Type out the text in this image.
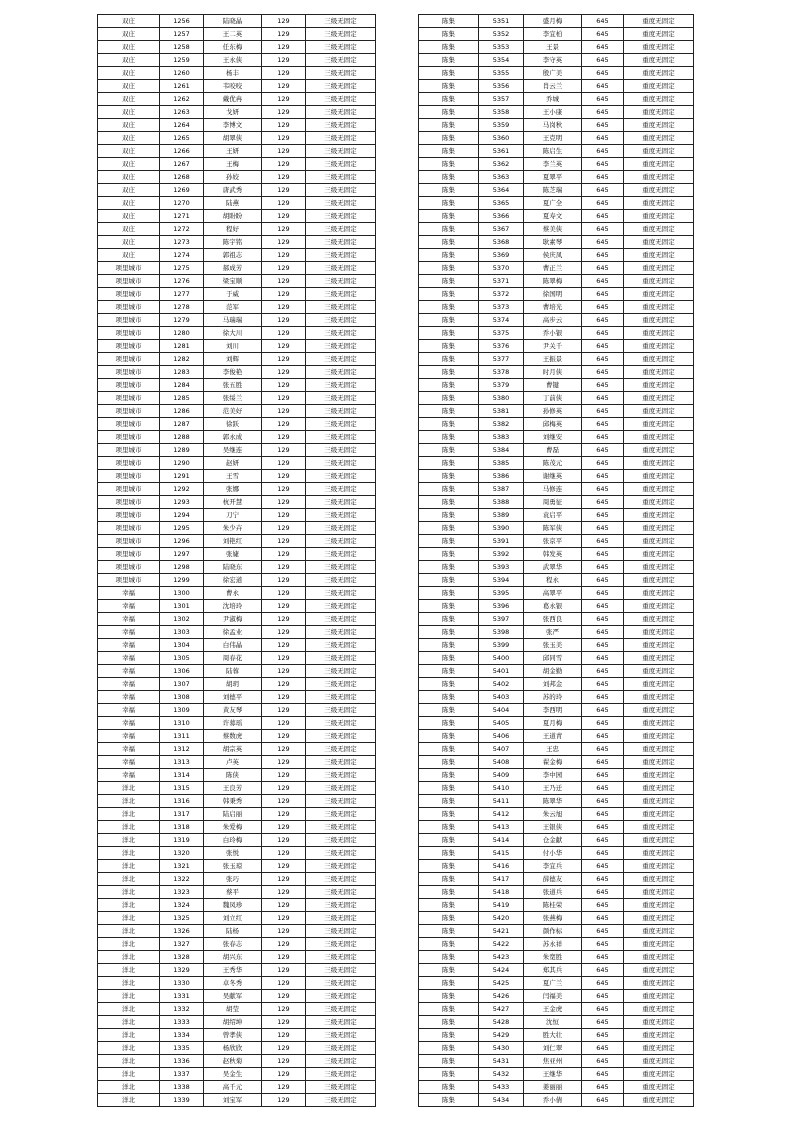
双庄	1256	陆晓晶	129	三级无固定
双庄	1257	王二英	129	三级无固定
双庄	1258	任东梅	129	三级无固定
双庄	1259	王永侠	129	三级无固定
双庄	1260	杨丰	129	三级无固定
双庄	1261	韦咬咬	129	三级无固定
双庄	1262	戴优冉	129	三级无固定
双庄	1263	戈妍	129	三级无固定
双庄	1264	李博文	129	三级无固定
双庄	1265	胡翠侠	129	三级无固定
双庄	1266	王妍	129	三级无固定
双庄	1267	王梅	129	三级无固定
双庄	1268	孙姣	129	三级无固定
双庄	1269	唐武秀	129	三级无固定
双庄	1270	陆燕	129	三级无固定
双庄	1271	胡盼盼	129	三级无固定
双庄	1272	程好	129	三级无固定
双庄	1273	陈宇铭	129	三级无固定
双庄	1274	郭祖志	129	三级无固定
项里城市	1275	郝成芳	129	三级无固定
项里城市	1276	梁宝顺	129	三级无固定
项里城市	1277	于威	129	三级无固定
项里城市	1278	范军	129	三级无固定
项里城市	1279	马瑞瑞	129	三级无固定
项里城市	1280	徐大川	129	三级无固定
项里城市	1281	刘川	129	三级无固定
项里城市	1282	刘辉	129	三级无固定
项里城市	1283	李俊艳	129	三级无固定
项里城市	1284	张五胜	129	三级无固定
项里城市	1285	张绥兰	129	三级无固定
项里城市	1286	范美好	129	三级无固定
项里城市	1287	徐跃	129	三级无固定
项里城市	1288	郭永成	129	三级无固定
项里城市	1289	吴继连	129	三级无固定
项里城市	1290	赵妍	129	三级无固定
项里城市	1291	王雪	129	三级无固定
项里城市	1292	张娜	129	三级无固定
项里城市	1293	杭开慧	129	三级无固定
项里城市	1294	刀宁	129	三级无固定
项里城市	1295	朱少卉	129	三级无固定
项里城市	1296	刘艳红	129	三级无固定
项里城市	1297	张婕	129	三级无固定
项里城市	1298	陆晓东	129	三级无固定
项里城市	1299	徐宏道	129	三级无固定
幸福	1300	曹永	129	三级无固定
幸福	1301	沈培玲	129	三级无固定
幸福	1302	尹淑梅	129	三级无固定
幸福	1303	徐孟业	129	三级无固定
幸福	1304	白伟晶	129	三级无固定
幸福	1305	周春花	129	三级无固定
幸福	1306	陆蓉	129	三级无固定
幸福	1307	胡玥	129	三级无固定
幸福	1308	刘德平	129	三级无固定
幸福	1309	黄友琴	129	三级无固定
幸福	1310	许募瑶	129	三级无固定
幸福	1311	蔡数虎	129	三级无固定
幸福	1312	胡宗英	129	三级无固定
幸福	1313	卢英	129	三级无固定
幸福	1314	陈侠	129	三级无固定
洋北	1315	王良芳	129	三级无固定
洋北	1316	韩秉秀	129	三级无固定
洋北	1317	陆启丽	129	三级无固定
洋北	1318	朱爱梅	129	三级无固定
洋北	1319	白玲梅	129	三级无固定
洋北	1320	张悦	129	三级无固定
洋北	1321	张玉琼	129	三级无固定
洋北	1322	张巧	129	三级无固定
洋北	1323	蔡平	129	三级无固定
洋北	1324	魏凤珍	129	三级无固定
洋北	1325	刘立红	129	三级无固定
洋北	1326	陆杨	129	三级无固定
洋北	1327	张春志	129	三级无固定
洋北	1328	胡兴东	129	三级无固定
洋北	1329	王秀华	129	三级无固定
洋北	1330	卓冬秀	129	三级无固定
洋北	1331	吴献军	129	三级无固定
洋北	1332	胡莹	129	三级无固定
洋北	1333	胡绍坤	129	三级无固定
洋北	1334	曾孝侠	129	三级无固定
洋北	1335	杨欣欣	129	三级无固定
洋北	1336	赵秋菊	129	三级无固定
洋北	1337	吴金生	129	三级无固定
洋北	1338	高千元	129	三级无固定
洋北	1339	刘宝军	129	三级无固定
陈集	5351	盛月梅	645	重度无固定
陈集	5352	李宜柏	645	重度无固定
陈集	5353	王景	645	重度无固定
陈集	5354	李守英	645	重度无固定
陈集	5355	殷广美	645	重度无固定
陈集	5356	肖云兰	645	重度无固定
陈集	5357	乔城	645	重度无固定
陈集	5358	王小康	645	重度无固定
陈集	5359	马岗秋	645	重度无固定
陈集	5360	王克明	645	重度无固定
陈集	5361	陈启生	645	重度无固定
陈集	5362	李兰英	645	重度无固定
陈集	5363	夏翠平	645	重度无固定
陈集	5364	陈芝瑞	645	重度无固定
陈集	5365	夏广全	645	重度无固定
陈集	5366	夏寿文	645	重度无固定
陈集	5367	蔡美侠	645	重度无固定
陈集	5368	耿素琴	645	重度无固定
陈集	5369	侯庆凤	645	重度无固定
陈集	5370	曹正兰	645	重度无固定
陈集	5371	陈翠梅	645	重度无固定
陈集	5372	徐国明	645	重度无固定
陈集	5373	曹培光	645	重度无固定
陈集	5374	高步云	645	重度无固定
陈集	5375	乔小银	645	重度无固定
陈集	5376	尹关千	645	重度无固定
陈集	5377	王振景	645	重度无固定
陈集	5378	时月侠	645	重度无固定
陈集	5379	曹键	645	重度无固定
陈集	5380	丁前侠	645	重度无固定
陈集	5381	孙修英	645	重度无固定
陈集	5382	邱梅英	645	重度无固定
陈集	5383	刘继安	645	重度无固定
陈集	5384	曹磊	645	重度无固定
陈集	5385	陈茂元	645	重度无固定
陈集	5386	谢继英	645	重度无固定
陈集	5387	马修连	645	重度无固定
陈集	5388	周勇征	645	重度无固定
陈集	5389	袁启平	645	重度无固定
陈集	5390	陈军侠	645	重度无固定
陈集	5391	张京平	645	重度无固定
陈集	5392	韩发英	645	重度无固定
陈集	5393	武翠华	645	重度无固定
陈集	5394	程永	645	重度无固定
陈集	5395	高翠平	645	重度无固定
陈集	5396	葛永银	645	重度无固定
陈集	5397	张西良	645	重度无固定
陈集	5398	张严	645	重度无固定
陈集	5399	张玉美	645	重度无固定
陈集	5400	邱同雪	645	重度无固定
陈集	5401	胡金勤	645	重度无固定
陈集	5402	刘邦金	645	重度无固定
陈集	5403	苏的玲	645	重度无固定
陈集	5404	李西明	645	重度无固定
陈集	5405	夏月梅	645	重度无固定
陈集	5406	王道青	645	重度无固定
陈集	5407	王忠	645	重度无固定
陈集	5408	翟金梅	645	重度无固定
陈集	5409	李中园	645	重度无固定
陈集	5410	王乃迁	645	重度无固定
陈集	5411	陈翠华	645	重度无固定
陈集	5412	朱云旭	645	重度无固定
陈集	5413	王银侠	645	重度无固定
陈集	5414	仓金献	645	重度无固定
陈集	5415	付小华	645	重度无固定
陈集	5416	李宜兵	645	重度无固定
陈集	5417	薛德友	645	重度无固定
陈集	5418	张道兵	645	重度无固定
陈集	5419	陈桂荣	645	重度无固定
陈集	5420	张燕梅	645	重度无固定
陈集	5421	颜作标	645	重度无固定
陈集	5422	苏永祥	645	重度无固定
陈集	5423	朱宽胜	645	重度无固定
陈集	5424	郑其兵	645	重度无固定
陈集	5425	夏广兰	645	重度无固定
陈集	5426	闫福美	645	重度无固定
陈集	5427	王金虎	645	重度无固定
陈集	5428	沈恒	645	重度无固定
陈集	5429	胜大壮	645	重度无固定
陈集	5430	刘仁翠	645	重度无固定
陈集	5431	焦亚州	645	重度无固定
陈集	5432	王继华	645	重度无固定
陈集	5433	姜丽丽	645	重度无固定
陈集	5434	乔小倩	645	重度无固定
